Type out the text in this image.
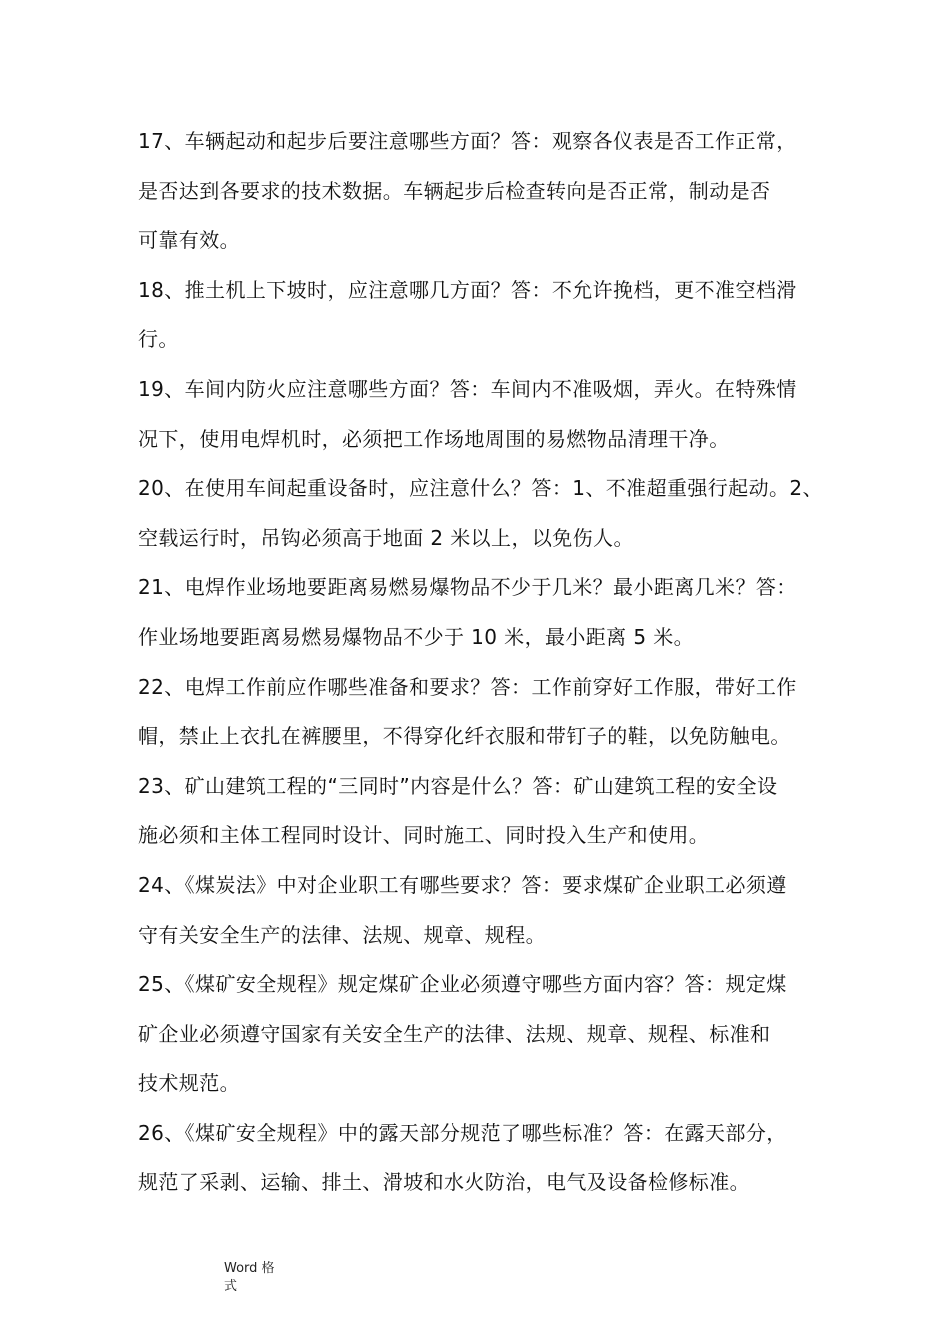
17、车辆起动和起步后要注意哪些方面？答：观察各仪表是否工作正常，
是否达到各要求的技术数据。车辆起步后检查转向是否正常，制动是否
可靠有效。
18、推土机上下坡时，应注意哪几方面？答：不允许挽档，更不准空档滑
行。
19、车间内防火应注意哪些方面？答：车间内不准吸烟，弄火。在特殊情
况下，使用电焊机时，必须把工作场地周围的易燃物品清理干净。
20、在使用车间起重设备时，应注意什么？答：1、不准超重强行起动。2、
空载运行时，吊钩必须高于地面 2 米以上，以免伤人。
21、电焊作业场地要距离易燃易爆物品不少于几米？最小距离几米？答：
作业场地要距离易燃易爆物品不少于 10 米，最小距离 5 米。
22、电焊工作前应作哪些准备和要求？答：工作前穿好工作服，带好工作
帽，禁止上衣扎在裤腰里，不得穿化纤衣服和带钉子的鞋，以免防触电。
23、矿山建筑工程的“三同时”内容是什么？答：矿山建筑工程的安全设
施必须和主体工程同时设计、同时施工、同时投入生产和使用。
24、《煤炭法》中对企业职工有哪些要求？答：要求煤矿企业职工必须遵
守有关安全生产的法律、法规、规章、规程。
25、《煤矿安全规程》规定煤矿企业必须遵守哪些方面内容？答：规定煤
矿企业必须遵守国家有关安全生产的法律、法规、规章、规程、标准和
技术规范。
26、《煤矿安全规程》中的露天部分规范了哪些标准？答：在露天部分，
规范了采剥、运输、排土、滑坡和水火防治，电气及设备检修标准。
Word 格
式
